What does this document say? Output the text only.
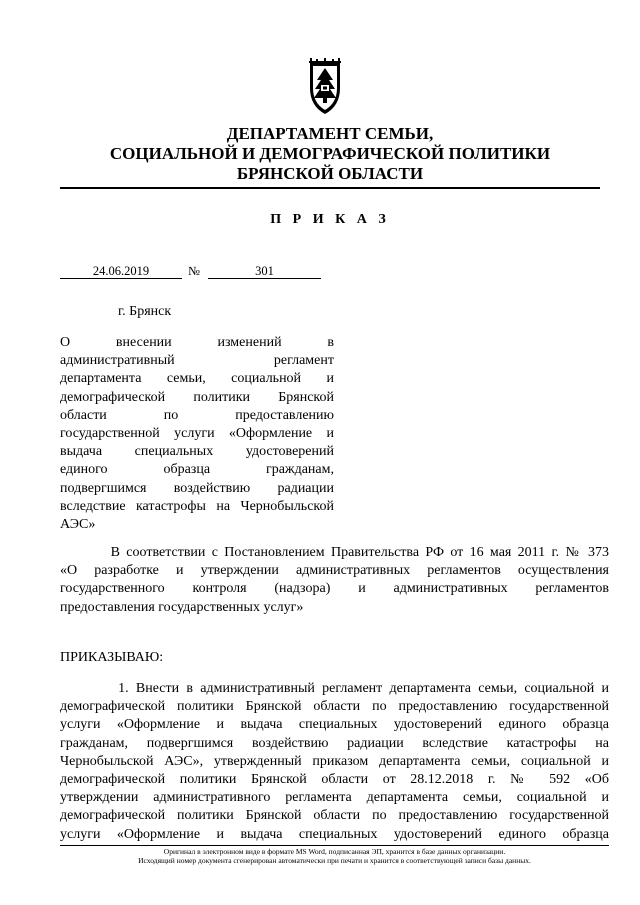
ДЕПАРТАМЕНТ СЕМЬИ,
СОЦИАЛЬНОЙ И ДЕМОГРАФИЧЕСКОЙ ПОЛИТИКИ
БРЯНСКОЙ ОБЛАСТИ
П Р И К А З
24.06.2019	№	301
г. Брянск
О внесении изменений в
административный регламент
департамента семьи, социальной и
демографической политики Брянской
области по предоставлению
государственной услуги «Оформление и
выдача специальных удостоверений
единого образца гражданам,
подвергшимся воздействию радиации
вследствие катастрофы на Чернобыльской
АЭС»
В соответствии с Постановлением Правительства РФ от 16 мая 2011 г. № 373
«О разработке и утверждении административных регламентов осуществления
государственного контроля (надзора) и административных регламентов
предоставления государственных услуг»
ПРИКАЗЫВАЮ:
1. Внести в административный регламент департамента семьи, социальной и
демографической политики Брянской области по предоставлению государственной
услуги «Оформление и выдача специальных удостоверений единого образца
гражданам, подвергшимся воздействию радиации вследствие катастрофы на
Чернобыльской АЭС», утвержденный приказом департамента семьи, социальной и
демографической политики Брянской области от 28.12.2018 г. № 592 «Об
утверждении административного регламента департамента семьи, социальной и
демографической политики Брянской области по предоставлению государственной
услуги «Оформление и выдача специальных удостоверений единого образца
Оригинал в электронном виде в формате MS Word, подписанная ЭП, хранится в базе данных организации.
Исходящий номер документа сгенерирован автоматически при печати и хранится в соответствующей записи базы данных.
